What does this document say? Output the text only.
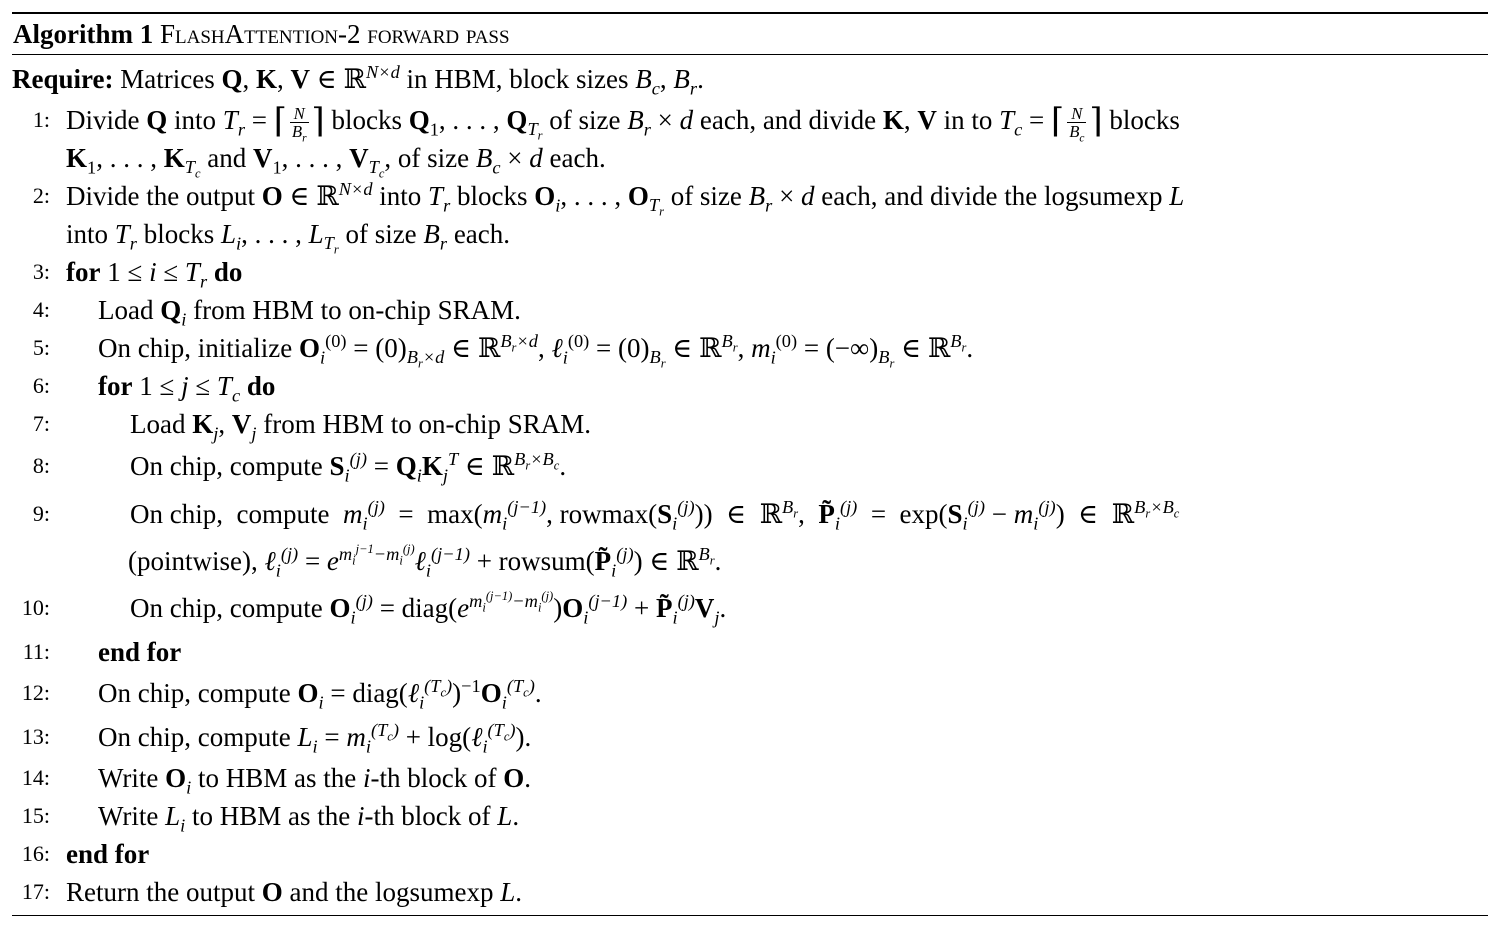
Algorithm 1 FlashAttention-2 forward pass
Require: Matrices Q, K, V ∈ ℝ$^{N\times d}$ in HBM, block sizes $B_c$, $B_r$.
1: Divide Q into $T_r$ = ⌈ $\frac{N}{B_r}$ ⌉ blocks $Q_1$, . . . , $Q_{T_r}$ of size $B_r \times d$ each, and divide K, V in to $T_c$ = ⌈ $\frac{N}{B_c}$ ⌉ blocks
$K_1$, . . . , $K_{T_c}$ and $V_1$, . . . , $V_{T_c}$, of size $B_c \times d$ each.
2: Divide the output O ∈ ℝ$^{N\times d}$ into $T_r$ blocks $O_i$, . . . , $O_{T_r}$ of size $B_r \times d$ each, and divide the logsumexp L
into $T_r$ blocks $L_i$, . . . , $L_{T_r}$ of size $B_r$ each.
3: for $1 \le i \le T_r$ do
4: Load $Q_i$ from HBM to on-chip SRAM.
5: On chip, initialize $O_i^{(0)} = (0)_{B_r\times d}$ ∈ ℝ$^{B_r\times d}$, ℓ$_i^{(0)}$ = $(0)_{B_r}$ ∈ ℝ$^{B_r}$, $m_i^{(0)} = (-\infty)_{B_r}$ ∈ ℝ$^{B_r}$.
6: for $1 \le j \le T_c$ do
7:	Load $K_j$, $V_j$ from HBM to on-chip SRAM.
8:	On chip, compute $S_i^{(j)} = Q_iK_j^T$ ∈ ℝ$^{B_r\times B_c}$.
9:	On chip,  compute  $m_i^{(j)} = \max(m_i^{(j-1)}$, $rowmax(S_i^{(j)})$)  ∈  ℝ$^{B_r}$,  $P̃_i^{(j)} = \exp(S_i^{(j)} - m_i^{(j)})$  ∈  ℝ$^{B_r\times B_c}$
(pointwise), ℓ$_i^{(j)}$ = $e^{m_i^{j-1}-m_i^{(j)}}\ell_i^{(j-1)}$ + $rowsum(P̃_i^{(j)})$ ∈ ℝ$^{B_r}$.
10:	On chip, compute $O_i^{(j)}$ = $diag(e^{m_i^{(j-1)}-m_i^{(j)}})O_i^{(j-1)}$ + $P̃_i^{(j)}V_j$.
11: end for
12: On chip, compute $O_i$ = $diag(\ell_i^{(T_c)})^{-1}O_i^{(T_c)}$.
13: On chip, compute $L_i = m_i^{(T_c)}$ + log(ℓ$_i^{(T_c)}$).
14: Write $O_i$ to HBM as the i-th block of O.
15: Write $L_i$ to HBM as the i-th block of L.
16: end for
17: Return the output O and the logsumexp L.
